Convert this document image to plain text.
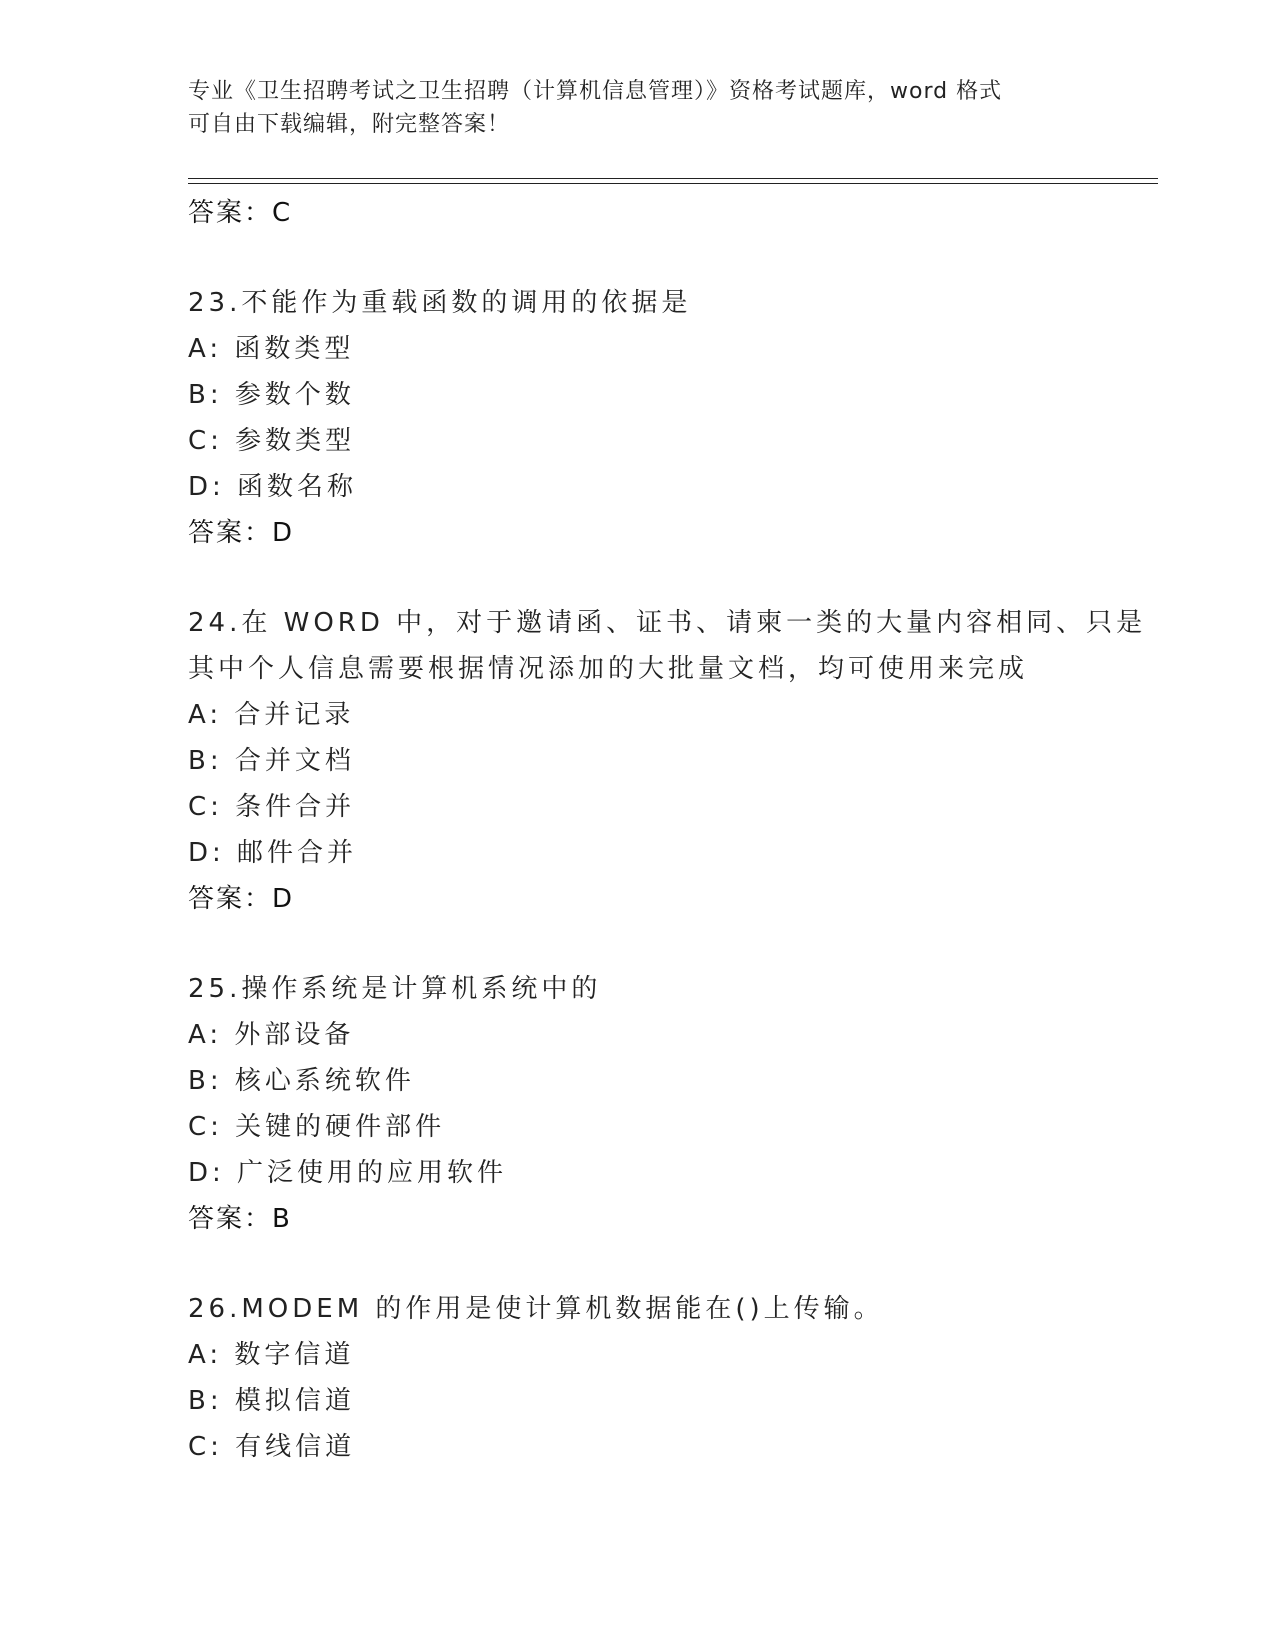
专业《卫生招聘考试之卫生招聘（计算机信息管理）》资格考试题库，word 格式
可自由下载编辑，附完整答案！
答案：C
23.不能作为重载函数的调用的依据是
A: 函数类型
B: 参数个数
C: 参数类型
D: 函数名称
答案：D
24.在 WORD 中，对于邀请函、证书、请柬一类的大量内容相同、只是
其中个人信息需要根据情况添加的大批量文档，均可使用来完成
A: 合并记录
B: 合并文档
C: 条件合并
D: 邮件合并
答案：D
25.操作系统是计算机系统中的
A: 外部设备
B: 核心系统软件
C: 关键的硬件部件
D: 广泛使用的应用软件
答案：B
26.MODEM 的作用是使计算机数据能在()上传输。
A: 数字信道
B: 模拟信道
C: 有线信道
